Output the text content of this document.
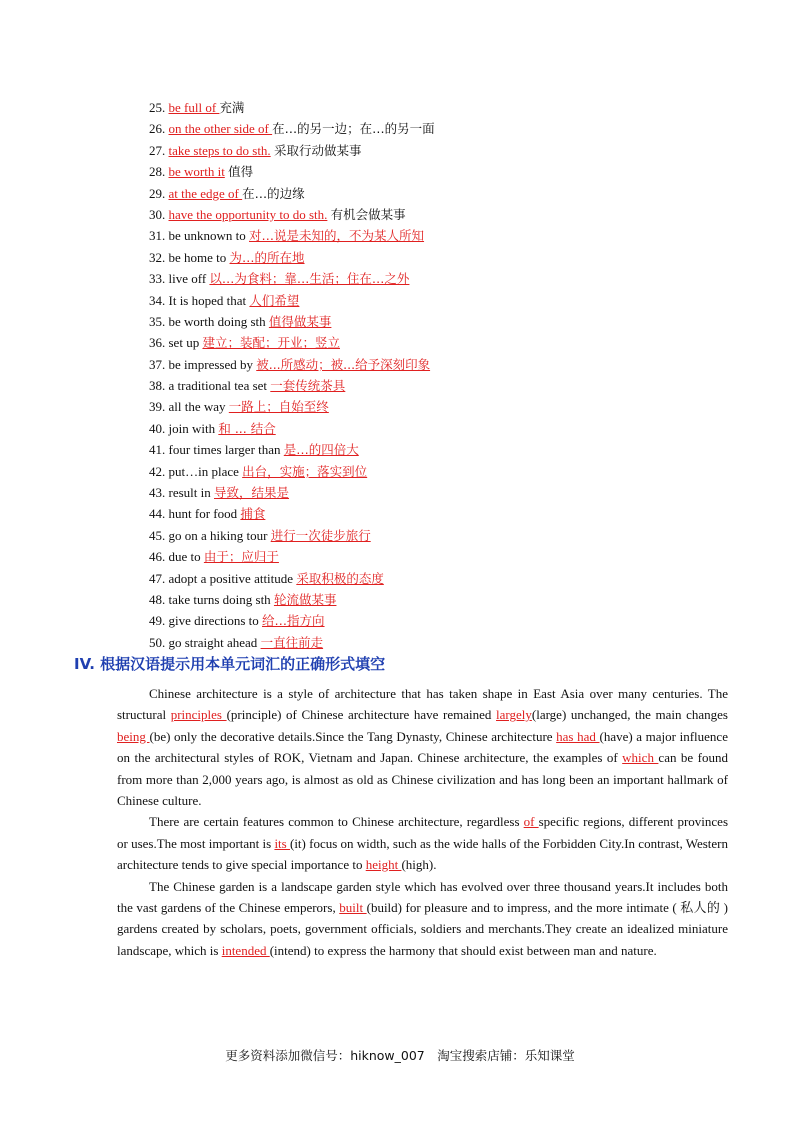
25. be full of 充满
26. on the other side of 在…的另一边；在…的另一面
27. take steps to do sth. 采取行动做某事
28. be worth it 值得
29. at the edge of 在…的边缘
30. have the opportunity to do sth. 有机会做某事
31. be unknown to 对…说是未知的，不为某人所知
32. be home to 为…的所在地
33. live off 以…为食料；靠…生活；住在…之外
34. It is hoped that 人们希望
35. be worth doing sth 值得做某事
36. set up 建立；装配；开业；竖立
37. be impressed by 被...所感动；被...给予深刻印象
38. a traditional tea set 一套传统茶具
39. all the way 一路上；自始至终
40. join with 和 ... 结合
41. four times larger than 是…的四倍大
42. put…in place 出台，实施；落实到位
43. result in 导致，结果是
44. hunt for food 捕食
45. go on a hiking tour 进行一次徒步旅行
46. due to 由于；应归于
47. adopt a positive attitude 采取积极的态度
48. take turns doing sth 轮流做某事
49. give directions to 给…指方向
50. go straight ahead 一直往前走
IV. 根据汉语提示用本单元词汇的正确形式填空

Chinese architecture is a style of architecture that has taken shape in East Asia over many centuries. The structural principles (principle) of Chinese architecture have remained largely(large) unchanged, the main changes being (be) only the decorative details.Since the Tang Dynasty, Chinese architecture has had (have) a major influence on the architectural styles of ROK, Vietnam and Japan. Chinese architecture, the examples of which can be found from more than 2,000 years ago, is almost as old as Chinese civilization and has long been an important hallmark of Chinese culture.

There are certain features common to Chinese architecture, regardless of specific regions, different provinces or uses.The most important is its (it) focus on width, such as the wide halls of the Forbidden City.In contrast, Western architecture tends to give special importance to height (high).

The Chinese garden is a landscape garden style which has evolved over three thousand years.It includes both the vast gardens of the Chinese emperors, built (build) for pleasure and to impress, and the more intimate ( 私人的 ) gardens created by scholars, poets, government officials, soldiers and merchants.They create an idealized miniature landscape, which is intended (intend) to express the harmony that should exist between man and nature.

更多资料添加微信号：hiknow_007　淘宝搜索店铺：乐知课堂
